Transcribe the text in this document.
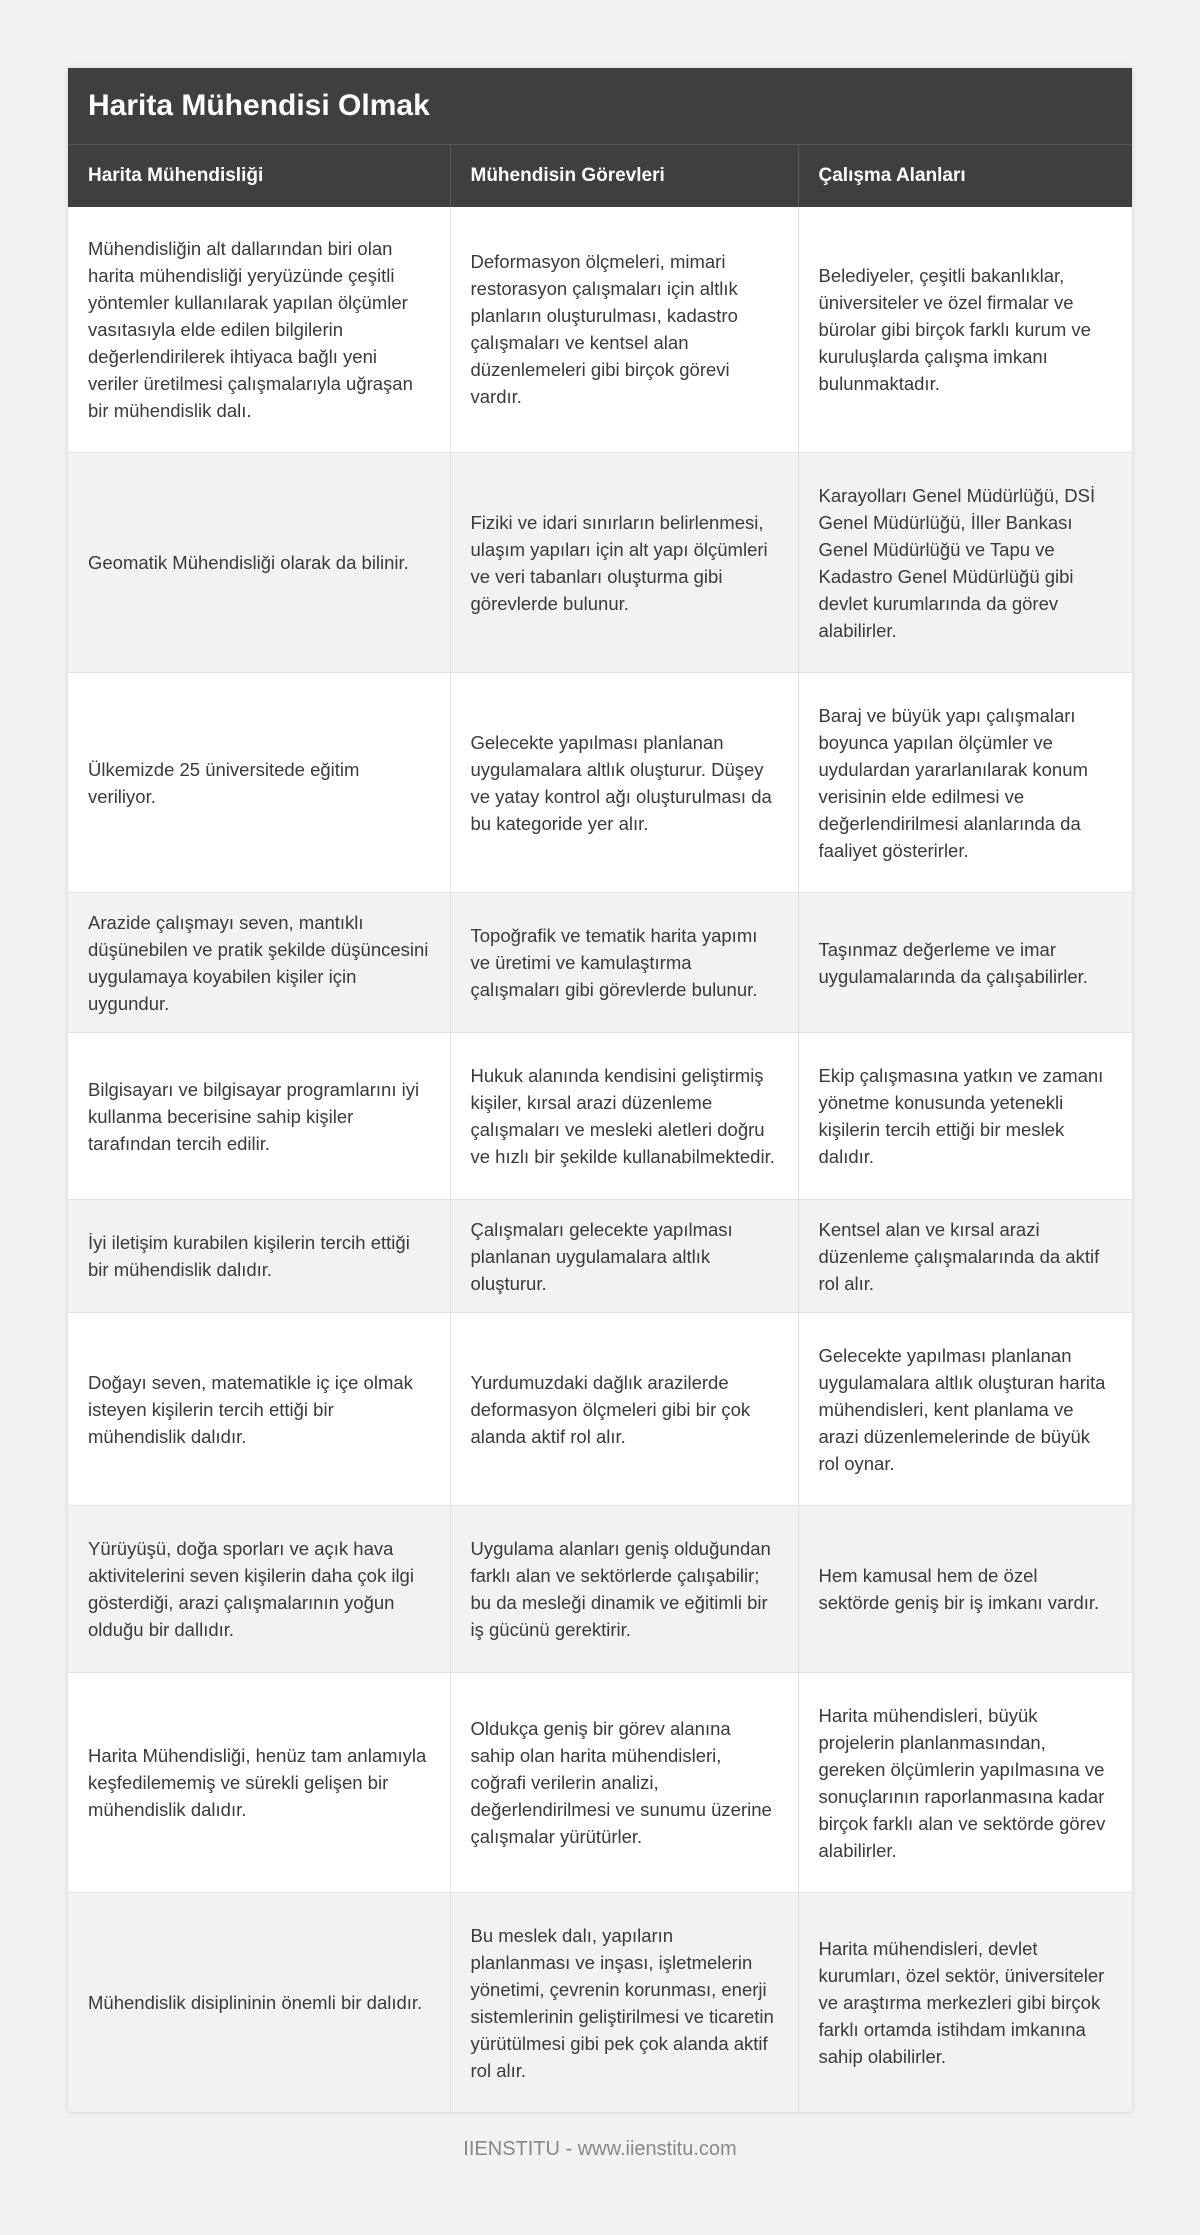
Harita Mühendisi Olmak
Harita Mühendisliği	Mühendisin Görevleri	Çalışma Alanları
Mühendisliğin alt dallarından biri olan harita mühendisliği yeryüzünde çeşitli yöntemler kullanılarak yapılan ölçümler vasıtasıyla elde edilen bilgilerin değerlendirilerek ihtiyaca bağlı yeni veriler üretilmesi çalışmalarıyla uğraşan bir mühendislik dalı.	Deformasyon ölçmeleri, mimari restorasyon çalışmaları için altlık planların oluşturulması, kadastro çalışmaları ve kentsel alan düzenlemeleri gibi birçok görevi vardır.	Belediyeler, çeşitli bakanlıklar, üniversiteler ve özel firmalar ve bürolar gibi birçok farklı kurum ve kuruluşlarda çalışma imkanı bulunmaktadır.
Geomatik Mühendisliği olarak da bilinir.	Fiziki ve idari sınırların belirlenmesi, ulaşım yapıları için alt yapı ölçümleri ve veri tabanları oluşturma gibi görevlerde bulunur.	Karayolları Genel Müdürlüğü, DSİ Genel Müdürlüğü, İller Bankası Genel Müdürlüğü ve Tapu ve Kadastro Genel Müdürlüğü gibi devlet kurumlarında da görev alabilirler.
Ülkemizde 25 üniversitede eğitim veriliyor.	Gelecekte yapılması planlanan uygulamalara altlık oluşturur. Düşey ve yatay kontrol ağı oluşturulması da bu kategoride yer alır.	Baraj ve büyük yapı çalışmaları boyunca yapılan ölçümler ve uydulardan yararlanılarak konum verisinin elde edilmesi ve değerlendirilmesi alanlarında da faaliyet gösterirler.
Arazide çalışmayı seven, mantıklı düşünebilen ve pratik şekilde düşüncesini uygulamaya koyabilen kişiler için uygundur.	Topoğrafik ve tematik harita yapımı ve üretimi ve kamulaştırma çalışmaları gibi görevlerde bulunur.	Taşınmaz değerleme ve imar uygulamalarında da çalışabilirler.
Bilgisayarı ve bilgisayar programlarını iyi kullanma becerisine sahip kişiler tarafından tercih edilir.	Hukuk alanında kendisini geliştirmiş kişiler, kırsal arazi düzenleme çalışmaları ve mesleki aletleri doğru ve hızlı bir şekilde kullanabilmektedir.	Ekip çalışmasına yatkın ve zamanı yönetme konusunda yetenekli kişilerin tercih ettiği bir meslek dalıdır.
İyi iletişim kurabilen kişilerin tercih ettiği bir mühendislik dalıdır.	Çalışmaları gelecekte yapılması planlanan uygulamalara altlık oluşturur.	Kentsel alan ve kırsal arazi düzenleme çalışmalarında da aktif rol alır.
Doğayı seven, matematikle iç içe olmak isteyen kişilerin tercih ettiği bir mühendislik dalıdır.	Yurdumuzdaki dağlık arazilerde deformasyon ölçmeleri gibi bir çok alanda aktif rol alır.	Gelecekte yapılması planlanan uygulamalara altlık oluşturan harita mühendisleri, kent planlama ve arazi düzenlemelerinde de büyük rol oynar.
Yürüyüşü, doğa sporları ve açık hava aktivitelerini seven kişilerin daha çok ilgi gösterdiği, arazi çalışmalarının yoğun olduğu bir dallıdır.	Uygulama alanları geniş olduğundan farklı alan ve sektörlerde çalışabilir; bu da mesleği dinamik ve eğitimli bir iş gücünü gerektirir.	Hem kamusal hem de özel sektörde geniş bir iş imkanı vardır.
Harita Mühendisliği, henüz tam anlamıyla keşfedilememiş ve sürekli gelişen bir mühendislik dalıdır.	Oldukça geniş bir görev alanına sahip olan harita mühendisleri, coğrafi verilerin analizi, değerlendirilmesi ve sunumu üzerine çalışmalar yürütürler.	Harita mühendisleri, büyük projelerin planlanmasından, gereken ölçümlerin yapılmasına ve sonuçlarının raporlanmasına kadar birçok farklı alan ve sektörde görev alabilirler.
Mühendislik disiplininin önemli bir dalıdır.	Bu meslek dalı, yapıların planlanması ve inşası, işletmelerin yönetimi, çevrenin korunması, enerji sistemlerinin geliştirilmesi ve ticaretin yürütülmesi gibi pek çok alanda aktif rol alır.	Harita mühendisleri, devlet kurumları, özel sektör, üniversiteler ve araştırma merkezleri gibi birçok farklı ortamda istihdam imkanına sahip olabilirler.
IIENSTITU - www.iienstitu.com
